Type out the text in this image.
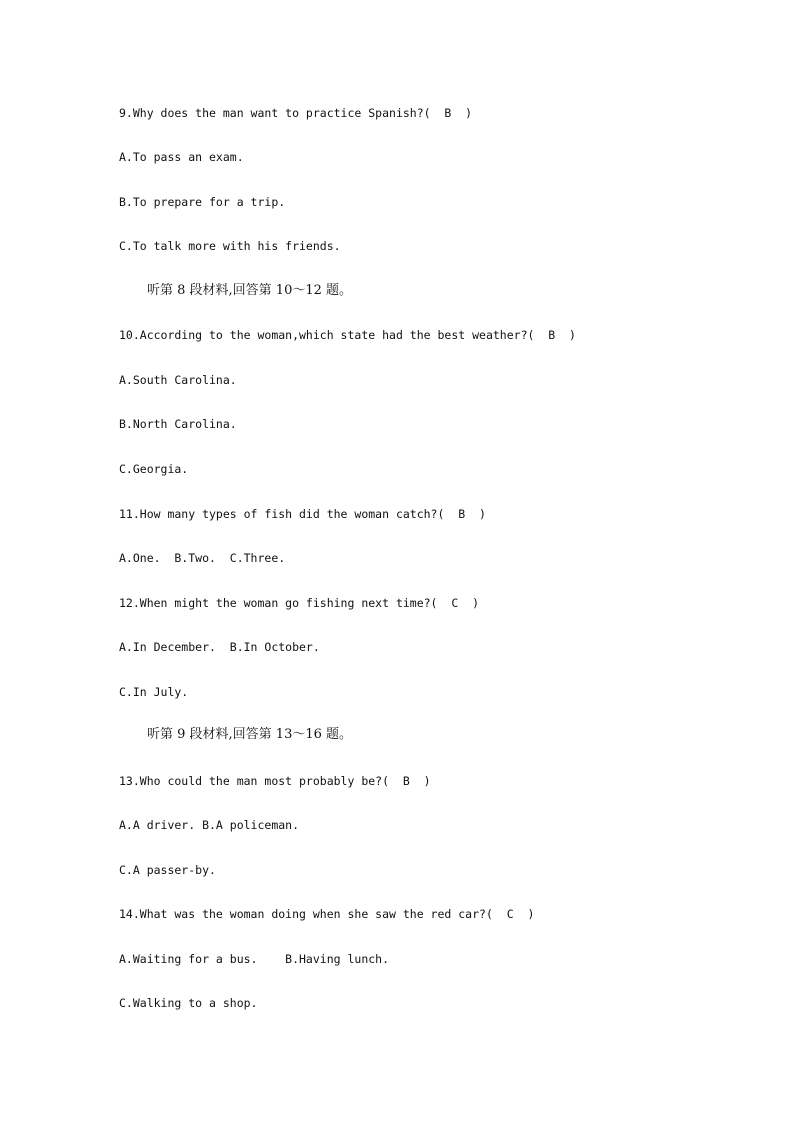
9.Why does the man want to practice Spanish?(  B  )
A.To pass an exam.
B.To prepare for a trip.
C.To talk more with his friends.
听第 8 段材料,回答第 10～12 题。
10.According to the woman,which state had the best weather?(  B  )
A.South Carolina.
B.North Carolina.
C.Georgia.
11.How many types of fish did the woman catch?(  B  )
A.One.  B.Two.  C.Three.
12.When might the woman go fishing next time?(  C  )
A.In December.  B.In October.
C.In July.
听第 9 段材料,回答第 13～16 题。
13.Who could the man most probably be?(  B  )
A.A driver. B.A policeman.
C.A passer-by.
14.What was the woman doing when she saw the red car?(  C  )
A.Waiting for a bus.    B.Having lunch.
C.Walking to a shop.
